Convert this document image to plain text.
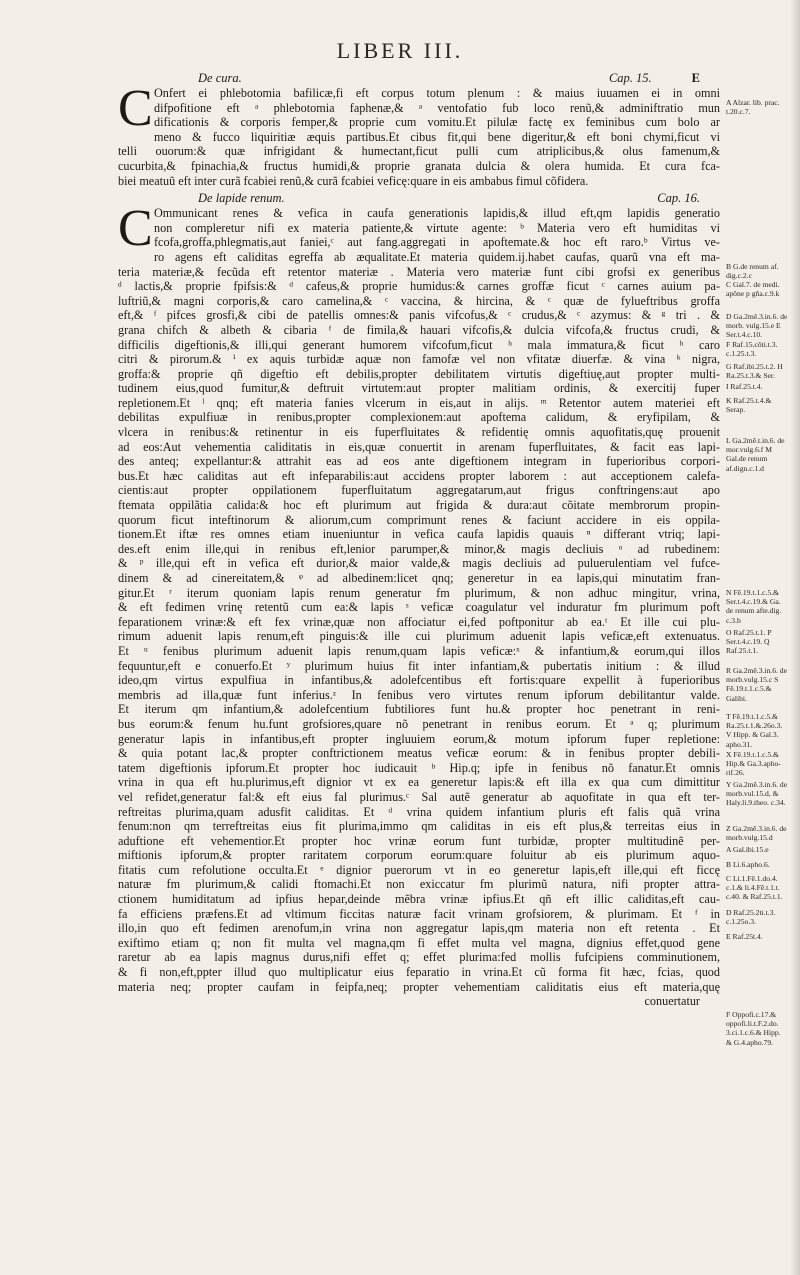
LIBER III.
De cura.	Cap. 15.	E
C Onfert ei phlebotomia bafilicæ,fi eft corpus totum plenum : & maius iuuamen ei in omni
difpofitione eft ᵃ phlebotomia faphenæ,& ᵃ ventofatio fub loco renũ,& adminiftratio mun
dificationis & corporis femper,& proprie cum vomitu.Et pilulæ factę ex feminibus cum bolo ar
meno & fucco liquiritiæ æquis partibus.Et cibus fit,qui bene digeritur,& eft boni chymi,ficut vi
telli ouorum:& quæ infrigidant & humectant,ficut pulli cum atriplicibus,& olus famenum,&
cucurbita,& fpinachia,& fructus humidi,& proprie granata dulcia & olera humida. Et cura fca-
biei meatuũ eft inter curã fcabiei renũ,& curã fcabiei veficę:quare in eis ambabus fimul cõfidera.
De lapide renum.	Cap. 16.
C Ommunicant renes & vefica in caufa generationis lapidis,& illud eft,qm lapidis generatio
non compleretur nifi ex materia patiente,& virtute agente: ᵇ Materia vero eft humiditas vi
fcofa,groffa,phlegmatis,aut faniei,ᶜ aut fang.aggregati in apoftemate.& hoc eft raro.ᵇ Virtus ve-
ro agens eft caliditas egreffa ab æqualitate.Et materia quidem.ij.habet caufas, quarũ vna eft ma-
teria materiæ,& fecũda eft retentor materiæ . Materia vero materiæ funt cibi grofsi ex generibus
ᵈ lactis,& proprie fpifsis:& ᵈ cafeus,& proprie humidus:& carnes groffæ ficut ᶜ carnes auium pa-
luftriũ,& magni corporis,& caro camelina,& ᶜ vaccina, & hircina, & ᶜ quæ de fylueftribus groffa
eft,& ᶠ pifces grosfi,& cibi de patellis omnes:& panis vifcofus,& ᶜ crudus,& ᶜ azymus: & ᵍ tri . &
grana chifch & albeth & cibaria ᶠ de fimila,& hauari vifcofis,& dulcia vifcofa,& fructus crudi, &
difficilis digeftionis,& illi,qui generant humorem vifcofum,ficut ʰ mala immatura,& ficut ʰ caro
citri & pirorum.& ⁱ ex aquis turbidæ aquæ non famofæ vel non vfitatæ diuerfæ. & vina ᵏ nigra,
groffa:& proprie qñ digeftio eft debilis,propter debilitatem virtutis digeftiuę,aut propter multi-
tudinem eius,quod fumitur,& deftruit virtutem:aut propter malitiam ordinis, & exercitij fuper
repletionem.Et ˡ qnq; eft materia fanies vlcerum in eis,aut in alijs. ᵐ Retentor autem materiei eft
debilitas expulfiuæ in renibus,propter complexionem:aut apoftema calidum, & eryfipilam, &
vlcera in renibus:& retinentur in eis fuperfluitates & refidentię omnis aquofitatis,quę prouenit
ad eos:Aut vehementia caliditatis in eis,quæ conuertit in arenam fuperfluitates, & facit eas lapi-
des anteq; expellantur:& attrahit eas ad eos ante digeftionem integram in fuperioribus corpori-
bus.Et hæc caliditas aut eft infeparabilis:aut accidens propter laborem : aut acceptionem calefa-
cientis:aut propter oppilationem fuperfluitatum aggregatarum,aut frigus conftringens:aut apo
ftemata oppilãtia calida:& hoc eft plurimum aut frigida & dura:aut cõitate membrorum propin-
quorum ficut inteftinorum & aliorum,cum comprimunt renes & faciunt accidere in eis oppila-
tionem.Et iftæ res omnes etiam inueniuntur in vefica caufa lapidis quauis ⁿ differant vtriq; lapi-
des.eft enim ille,qui in renibus eft,lenior parumper,& minor,& magis decliuis ᵒ ad rubedinem:
& ᵖ ille,qui eft in vefica eft durior,& maior valde,& magis decliuis ad puluerulentiam vel fufce-
dinem & ad cinereitatem,& ᵠ ad albedinem:licet qnq; generetur in ea lapis,qui minutatim fran-
gitur.Et ʳ iterum quoniam lapis renum generatur fm plurimum, & non adhuc mingitur, vrina,
& eft fedimen vrinę retentũ cum ea:& lapis ˢ veficæ coagulatur vel induratur fm plurimum poft
feparationem vrinæ:& eft fex vrinæ,quæ non affociatur ei,fed poftponitur ab ea.ᵗ Et ille cui plu-
rimum aduenit lapis renum,eft pinguis:& ille cui plurimum aduenit lapis veficæ,eft extenuatus.
Et ᵘ fenibus plurimum aduenit lapis renum,quam lapis veficæ:ˣ & infantium,& eorum,qui illos
fequuntur,eft e conuerfo.Et ʸ plurimum huius fit inter infantiam,& pubertatis initium : & illud
ideo,qm virtus expulfiua in infantibus,& adolefcentibus eft fortis:quare expellit à fuperioribus
membris ad illa,quæ funt inferius.ᶻ In fenibus vero virtutes renum ipforum debilitantur valde.
Et iterum qm infantium,& adolefcentium fubtiliores funt hu.& propter hoc penetrant in reni-
bus eorum:& fenum hu.funt grofsiores,quare nõ penetrant in renibus eorum. Et ᵃ q; plurimum
generatur lapis in infantibus,eft propter ingluuiem eorum,& motum ipforum fuper repletione:
& quia potant lac,& propter conftrictionem meatus veficæ eorum: & in fenibus propter debili-
tatem digeftionis ipforum.Et propter hoc iudicauit ᵇ Hip.q; ipfe in fenibus nõ fanatur.Et omnis
vrina in qua eft hu.plurimus,eft dignior vt ex ea generetur lapis:& eft illa ex qua cum dimittitur
vel refidet,generatur fal:& eft eius fal plurimus.ᶜ Sal autẽ generatur ab aquofitate in qua eft ter-
reftreitas plurima,quam adusfit caliditas. Et ᵈ vrina quidem infantium pluris eft falis quã vrina
fenum:non qm terreftreitas eius fit plurima,immo qm caliditas in eis eft plus,& terreitas eius in
aduftione eft vehementior.Et propter hoc vrinæ eorum funt turbidæ, propter multitudinẽ per-
miftionis ipforum,& propter raritatem corporum eorum:quare foluitur ab eis plurimum aquo-
fitatis cum refolutione occulta.Et ᵉ dignior puerorum vt in eo generetur lapis,eft ille,qui eft ficcę
naturæ fm plurimum,& calidi ftomachi.Et non exiccatur fm plurimũ natura, nifi propter attra-
ctionem humiditatum ad ipfius hepar,deinde mẽbra vrinæ ipfius.Et qñ eft illic caliditas,eft cau-
fa efficiens præfens.Et ad vltimum ficcitas naturæ facit vrinam grofsiorem, & plurimam. Et ᶠ in
illo,in quo eft fedimen arenofum,in vrina non aggregatur lapis,qm materia non eft retenta . Et
exiftimo etiam q; non fit multa vel magna,qm fi effet multa vel magna, dignius effet,quod gene
raretur ab ea lapis magnus durus,nifi effet q; effet plurima:fed mollis fufcipiens comminutionem,
& fi non,eft,ppter illud quo multiplicatur eius feparatio in vrina.Et cũ forma fit hæc, fcias, quod
materia neq; propter caufam in feipfa,neq; propter vehementiam caliditatis eius eft materia,quę
conuertatur
A Alzar. lib. prac. t.20.c.7.
B G.de renum af. dig.c.2.c
C Gal.7. de medi. apõne p gña.c.9.k
D Ga.2mẽ.3.in.6. de morb. vulg.15.e E Ser.t.4.c.10.
F Raf.15.cõti.t.3. c.1.25.t.3.
G Raf.ibi.25.t.2. H Ra.25.t.3.& Ser.
I Raf.25.t.4.
K Raf.25.t.4.& Serap.
L Ga.2mẽ.t.in.6. de mor.vulg.6.f M Gal.de renum af.dign.c.1.d
N Fẽ.19.t.1.c.5.& Ser.t.4.c.19.& Ga. de renum afte.dig. c.3.b
O Raf.25.t.1. P Ser.t.4.c.19. Q Raf.25.t.1.
R Ga.2mẽ.3.in.6. de morb.vulg.15.c S Fẽ.19.t.1.c.5.& Galibi.
T Fẽ.19.t.1.c.5.& Ra.25.t.1.&.26o.3. V Hipp. & Gal.3. apho.31.
X Fẽ.19.t.1.c.5.& Hip.& Ga.3.apho- rif.26.
Y Ga.2mẽ.3.in.6. de morb.vul.15.d, & Haly.li.9.theo. c.34.
Z Ga.2mẽ.3.in.6. de morb.vulg.15.d
A Gal.ibi.15.e
B Li.6.apho.6.
C Li.1.Fẽ.1.do.4. c.1.& li.4.Fẽ.t.1.t. c.40. & Raf.25.t.1.
D Raf.25.2ti.t.3. c.1.25o.3.
E Raf.25t.4.
F Oppofi.c.17.& oppofi.li.t.F.2.do. 3.ci.1.c.6.& Hipp. & G.4.apho.79.
